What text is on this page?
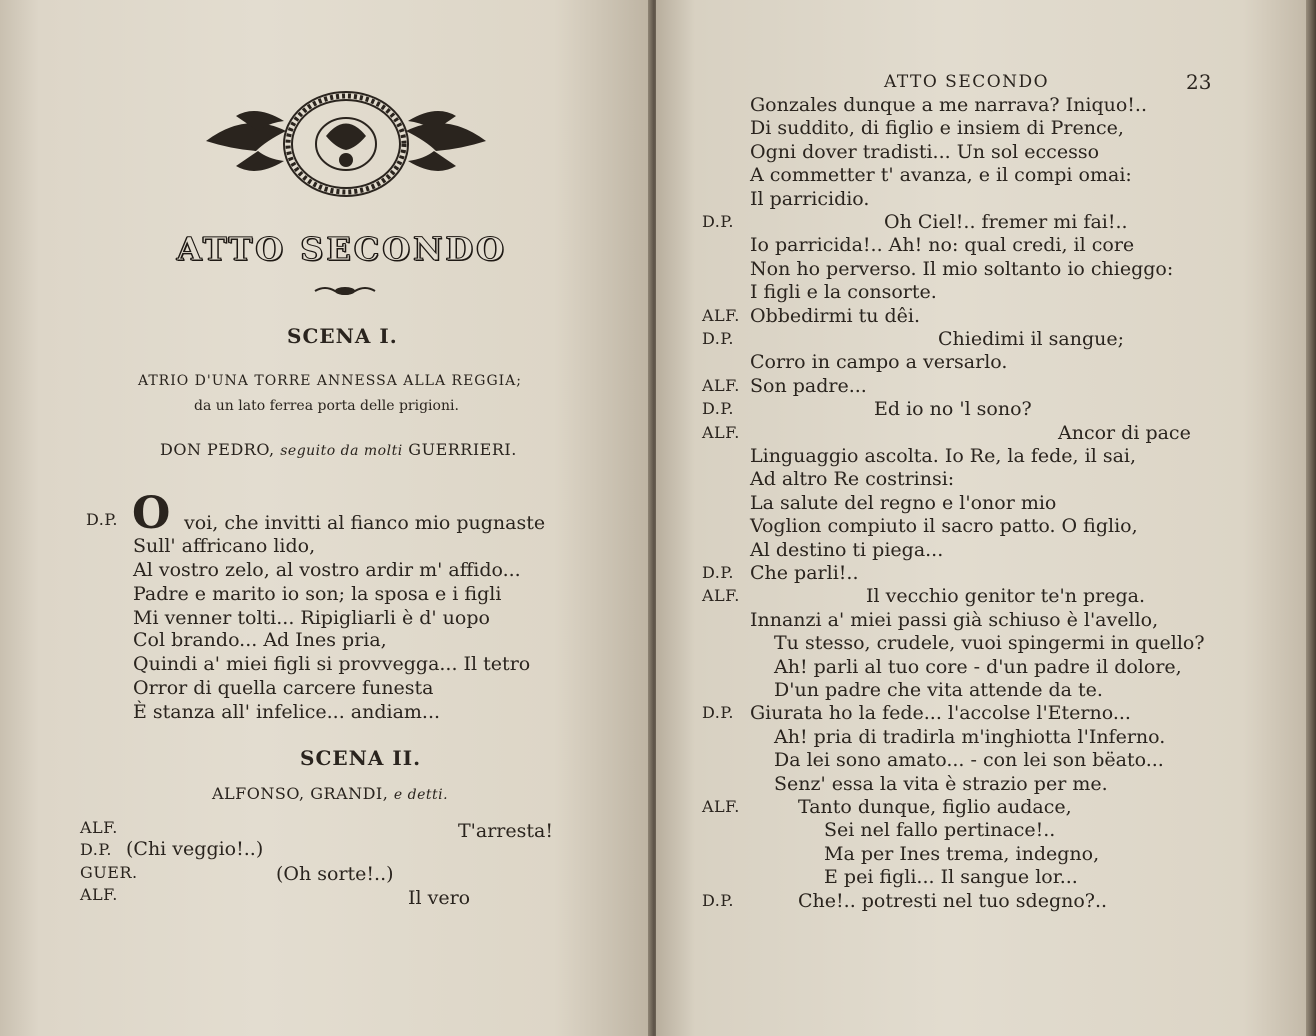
ATTO SECONDO
SCENA I.
ATRIO D'UNA TORRE ANNESSA ALLA REGGIA;
da un lato ferrea porta delle prigioni.
DON PEDRO, seguito da molti GUERRIERI.
D.P. O voi, che invitti al fianco mio pugnaste
Sull' affricano lido,
Al vostro zelo, al vostro ardir m' affido...
Padre e marito io son; la sposa e i figli
Mi venner tolti... Ripigliarli è d' uopo
Col brando... Ad Ines pria,
Quindi a' miei figli si provvegga... Il tetro
Orror di quella carcere funesta
È stanza all' infelice... andiam...
SCENA II.
ALFONSO, GRANDI, e detti.
ALF.	T'arresta!
D.P. (Chi veggio!..)
GUER.	(Oh sorte!..)
ALF.	Il vero
ATTO SECONDO	23
Gonzales dunque a me narrava? Iniquo!..
Di suddito, di figlio e insiem di Prence,
Ogni dover tradisti... Un sol eccesso
A commetter t' avanza, e il compi omai:
Il parricidio.
D.P.	Oh Ciel!.. fremer mi fai!..
Io parricida!.. Ah! no: qual credi, il core
Non ho perverso. Il mio soltanto io chieggo:
I figli e la consorte.
ALF. Obbedirmi tu dêi.
D.P.	Chiedimi il sangue;
Corro in campo a versarlo.
ALF. Son padre...
D.P.	Ed io no 'l sono?
ALF.	Ancor di pace
Linguaggio ascolta. Io Re, la fede, il sai,
Ad altro Re costrinsi:
La salute del regno e l'onor mio
Voglion compiuto il sacro patto. O figlio,
Al destino ti piega...
D.P. Che parli!..
ALF.	Il vecchio genitor te'n prega.
Innanzi a' miei passi già schiuso è l'avello,
Tu stesso, crudele, vuoi spingermi in quello?
Ah! parli al tuo core - d'un padre il dolore,
D'un padre che vita attende da te.
D.P. Giurata ho la fede... l'accolse l'Eterno...
Ah! pria di tradirla m'inghiotta l'Inferno.
Da lei sono amato... - con lei son bëato...
Senz' essa la vita è strazio per me.
ALF.	Tanto dunque, figlio audace,
Sei nel fallo pertinace!..
Ma per Ines trema, indegno,
E pei figli... Il sangue lor...
D.P.	Che!.. potresti nel tuo sdegno?..
